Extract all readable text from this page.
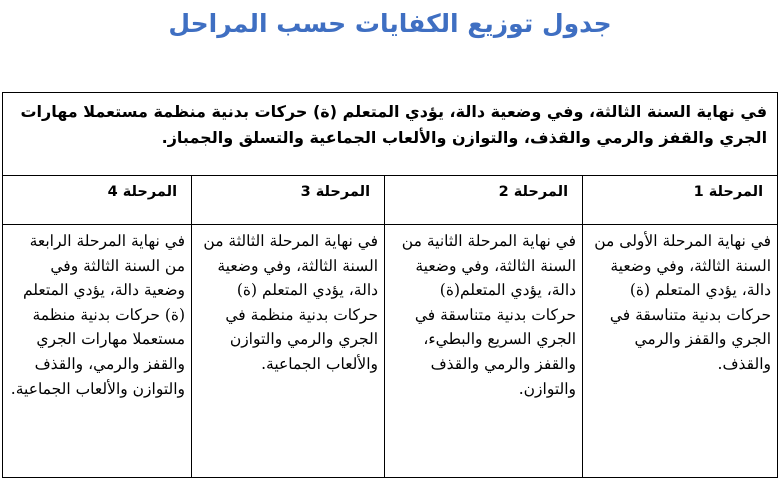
جدول توزيع الكفايات حسب المراحل
في نهاية السنة الثالثة، وفي وضعية دالة، يؤدي المتعلم (ة) حركات بدنية منظمة مستعملا مهارات الجري والقفز والرمي والقذف، والتوازن والألعاب الجماعية والتسلق والجمباز.			
المرحلة 1	المرحلة 2	المرحلة 3	المرحلة 4
في نهاية المرحلة الأولى من السنة الثالثة، وفي وضعية دالة، يؤدي المتعلم (ة) حركات بدنية متناسقة في الجري والقفز والرمي والقذف.	في نهاية المرحلة الثانية من السنة الثالثة، وفي وضعية دالة، يؤدي المتعلم(ة) حركات بدنية متناسقة في الجري السريع والبطيء، والقفز والرمي والقذف والتوازن.	في نهاية المرحلة الثالثة من السنة الثالثة، وفي وضعية دالة، يؤدي المتعلم (ة) حركات بدنية منظمة في الجري والرمي والتوازن والألعاب الجماعية.	في نهاية المرحلة الرابعة من السنة الثالثة وفي وضعية دالة، يؤدي المتعلم (ة) حركات بدنية منظمة مستعملا مهارات الجري والقفز والرمي، والقذف والتوازن والألعاب الجماعية.
